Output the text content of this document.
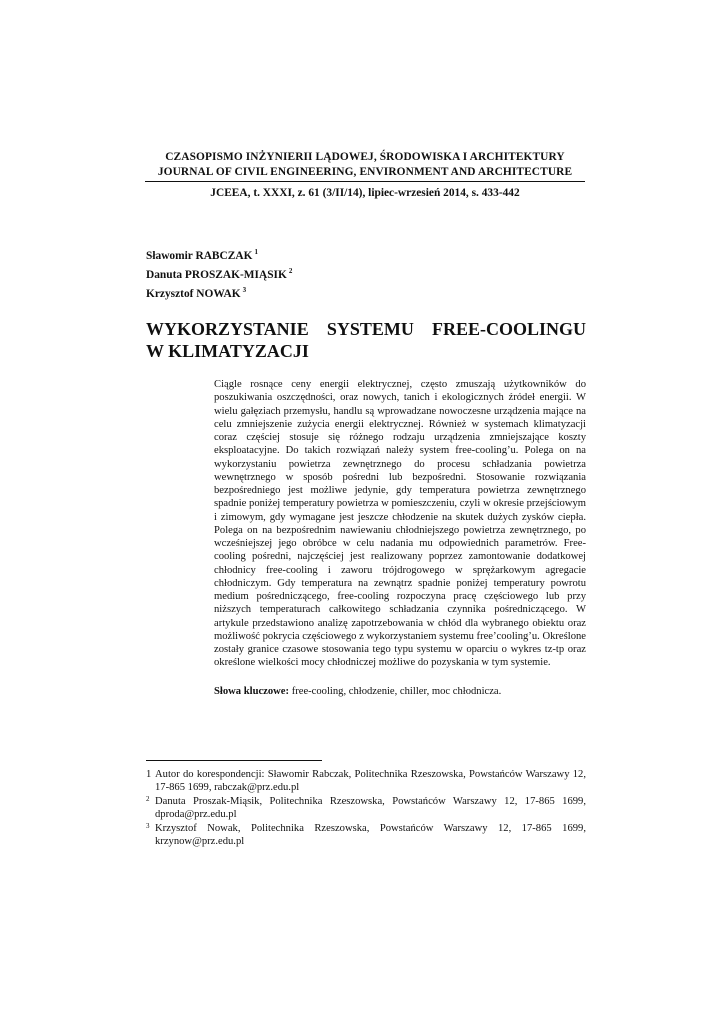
CZASOPISMO INŻYNIERII LĄDOWEJ, ŚRODOWISKA I ARCHITEKTURY
JOURNAL OF CIVIL ENGINEERING, ENVIRONMENT AND ARCHITECTURE
JCEEA, t. XXXI, z. 61 (3/II/14), lipiec-wrzesień 2014, s. 433-442
Sławomir RABCZAK $^1$
Danuta PROSZAK-MIĄSIK $^2$
Krzysztof NOWAK $^3$
WYKORZYSTANIE SYSTEMU FREE-COOLINGU
W KLIMATYZACJI
Ciągle rosnące ceny energii elektrycznej, często zmuszają użytkowników do poszukiwania oszczędności, oraz nowych, tanich i ekologicznych źródeł energii. W wielu gałęziach przemysłu, handlu są wprowadzane nowoczesne urządzenia mające na celu zmniejszenie zużycia energii elektrycznej. Również w systemach klimatyzacji coraz częściej stosuje się różnego rodzaju urządzenia zmniejszające koszty eksploatacyjne. Do takich rozwiązań należy system free-cooling’u. Polega on na wykorzystaniu powietrza zewnętrznego do procesu schładzania powietrza wewnętrznego w sposób pośredni lub bezpośredni. Stosowanie rozwiązania bezpośredniego jest możliwe jedynie, gdy temperatura powietrza zewnętrznego spadnie poniżej temperatury powietrza w pomieszczeniu, czyli w okresie przejściowym i zimowym, gdy wymagane jest jeszcze chłodzenie na skutek dużych zysków ciepła. Polega on na bezpośrednim nawiewaniu chłodniejszego powietrza zewnętrznego, po wcześniejszej jego obróbce w celu nadania mu odpowiednich parametrów. Free-cooling pośredni, najczęściej jest realizowany poprzez zamontowanie dodatkowej chłodnicy free-cooling i zaworu trójdrogowego w sprężarkowym agregacie chłodniczym. Gdy temperatura na zewnątrz spadnie poniżej temperatury powrotu medium pośredniczącego, free-cooling rozpoczyna pracę częściowego lub przy niższych temperaturach całkowitego schładzania czynnika pośredniczącego. W artykule przedstawiono analizę zapotrzebowania w chłód dla wybranego obiektu oraz możliwość pokrycia częściowego z wykorzystaniem systemu free’cooling’u. Określone zostały granice czasowe stosowania tego typu systemu w oparciu o wykres tz-tp oraz określone wielkości mocy chłodniczej możliwe do pozyskania w tym systemie.
Słowa kluczowe: free-cooling, chłodzenie, chiller, moc chłodnicza.
1 Autor do korespondencji: Sławomir Rabczak, Politechnika Rzeszowska, Powstańców Warszawy 12, 17-865 1699, rabczak@prz.edu.pl
2 Danuta Proszak-Miąsik, Politechnika Rzeszowska, Powstańców Warszawy 12, 17-865 1699, dproda@prz.edu.pl
3 Krzysztof Nowak, Politechnika Rzeszowska, Powstańców Warszawy 12, 17-865 1699, krzynow@prz.edu.pl
